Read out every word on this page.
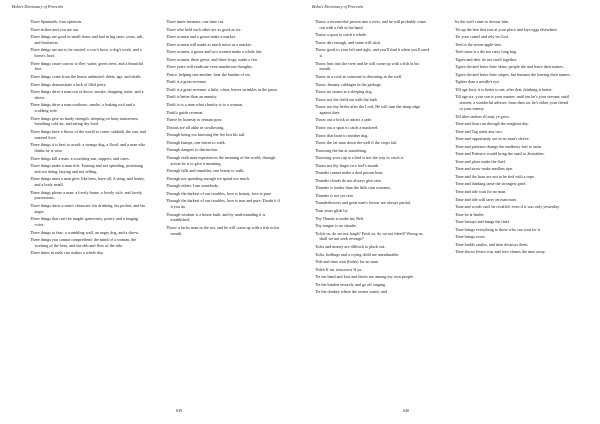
Bohn's Dictionary of Proverbs

Three Spaniards, four opinions.

Three strikes and you are out.

Three things are good in small doses and bad in big ones: yeast, salt, and hesitation.

Three things are not to be trusted; a cow's horn, a dog's tooth, and a horse's hoof.

Three things cause sorrow to flee; water, green trees, and a beautiful face.

Three things come from the house unlimited: debts, age, and death.

Three things demonstrate a lack of filial piety.

Three things drive a man out of doors: smoke, dropping water, and a shrew.

Three things drive a man outdoors: smoke, a leaking roof and a scolding wife.

Three things give us hardy strength: sleeping on hairy mattresses, breathing cold air, and eating dry food.

Three things have a flavor of the world to come: sabbath, the sun, and married love.

Three things it is best to avoid: a strange dog, a flood, and a man who thinks he is wise.

Three things kill a man: a scorching sun, suppers, and cares.

Three things make a man rich: Earning and not spending, promising and not doing, buying and not selling.

Three things must a man give: like bees, have all, A sting, and honey, and a body small.

Three things please a man: a lovely home, a lovely wife, and lovely possessions.

Three things show a man's character: his drinking, his pocket, and his anger.

Three things that can't be taught: generosity, poetry and a singing voice.

Three things to fear: a crumbling wall, an angry dog, and a shrew.

Three things you cannot comprehend: the mind of a woman, the working of the bees, and the ebb and flow of the tide.

Three times in early rise makes a whole day.

Three times measure, one time cut.

Three who hold each other are as good as six.

Three women and a goose make a market.

Three women will make as much noise as a market.

Three women, a goose and two women make a whole fair.

Three women, three geese, and three frogs, make a fair.

Three years will eradicate even murderous thoughts.

Thrice, helping one another, bear the burden of six.

Thrift is a great revenue.

Thrift is a great revenue, a little, often, leaves wrinkles in the purse.

Thrift is better than an annuity.

Thrift is to a man what chastity is to a woman.

Thrift's guide revenue.

Thrive by honesty or remain poor.

Throats are all alike in swallowing.

Through being too knowing the fox lost his tail.

Through bumps, one learns to walk.

Through dangers to distinction.

Through faith man experiences the meaning of the world; through action he is to give it meaning.

Through falls and stumbles, one learns to walk.

Through not spending enough we spend too much.

Through others I am somebody.

Through the darkest of our troubles, love is beauty, love is pure.

Through the darkest of our troubles, love is true and pure. Doubt it if it you do.

Through wisdom is a house built, and by understanding it is established.

Throw a lucky man in the sea, and he will come up with a fish in his mouth.

639
Bohn's Dictionary of Proverbs

Throw a resourceful person into a river, and he will probably come out with a fish in his hand.

Throw a sprat to catch a whale.

Throw dirt enough, and some will stick.

Throw good to your left and right, and you'll find it when you'll need it.

Throw him into the river and he will come up with a fish in his mouth.

Throw in a rock as someone is drowning in the well.

Throw January cabbages in the garbage.

Throw no stones at a sleeping dog.

Throw not the child out with the bath.

Throw not thy heifer after the Lord, He will turn the sharp edge against thee.

Throw out a brick to attract a jade.

Throw out a sprat to catch a mackerel.

Throw that bone to another dog.

Throw the fat man down the well if the crops fail.

Throwing the bat at something.

Throwing your cap at a bird is not the way to catch it.

Thrust not thy finger in a fool's mouth.

Thunder cannot make a deaf person hear.

Thunder clouds do not always give rain.

Thunder is louder than the little rain warrants.

Thunder is not yet rain.

Thunderbowers and great men's favour are always partial.

Thus years glide by.

Thy Thumb is under my Belt.

Thy tongue is no slander.

Tickle us, do we not laugh? Prick us, do we not bleed? Wrong us, shall we not seek revenge?

Ticks and money are difficult to pluck out.

Ticks, bedbugs and a crying child are unendurable.

Tide and time wait (bides) for no man.

Tidelt If mi, tomorrow If yu.

Tie me hand and foot and throw me among my own people.

Tie the burden securely and go off singing.

Tie the donkey where the owner wants, and

let the wolf come to devour him.

Tie up the hen that eats at your place and lays eggs elsewhere.

Tie your camel and rely on God.

Tied to the seven apple-tree.

Tied rouse is a dis tea carry long bag.

Tigers and deer do not stroll together.

Tigers die and leave their skins; people die and leave their names.

Tigers die and leave their stripes, but humans die leaving their names.

Tighter than a needle's eye.

Till age forty it is better to eat, after that, drinking is better.

Till age six, your son is your master; until ten he's your servant; until sixteen, a wonderful adviser; from then on, he's either your friend or your enemy.

Till ither taskers ill may ye grow.

Time and hour run through the roughest day.

Time and Tag attest any two.

Time and opportunity see in no man's sleeve.

Time and patience change the mulberry leaf to satin.

Time and Patience would bring the snail to Jerusalem.

Time and place make the thief.

Time and straw make medlars ripe.

Time and the hour are not to be tied with a rope.

Time and thinking tame the strongest grief.

Time and tide wait for no man.

Time and tide will tarry on man man.

Time and words can't be recalled, even if it was only yesterday.

Time be at healer.

Time betrays and hangs the thief.

Time brings everything to those who can wait for it.

Time brings roses.

Time builds castles, and time destroys them.

Time shows levies way and love chases the time away.

640
